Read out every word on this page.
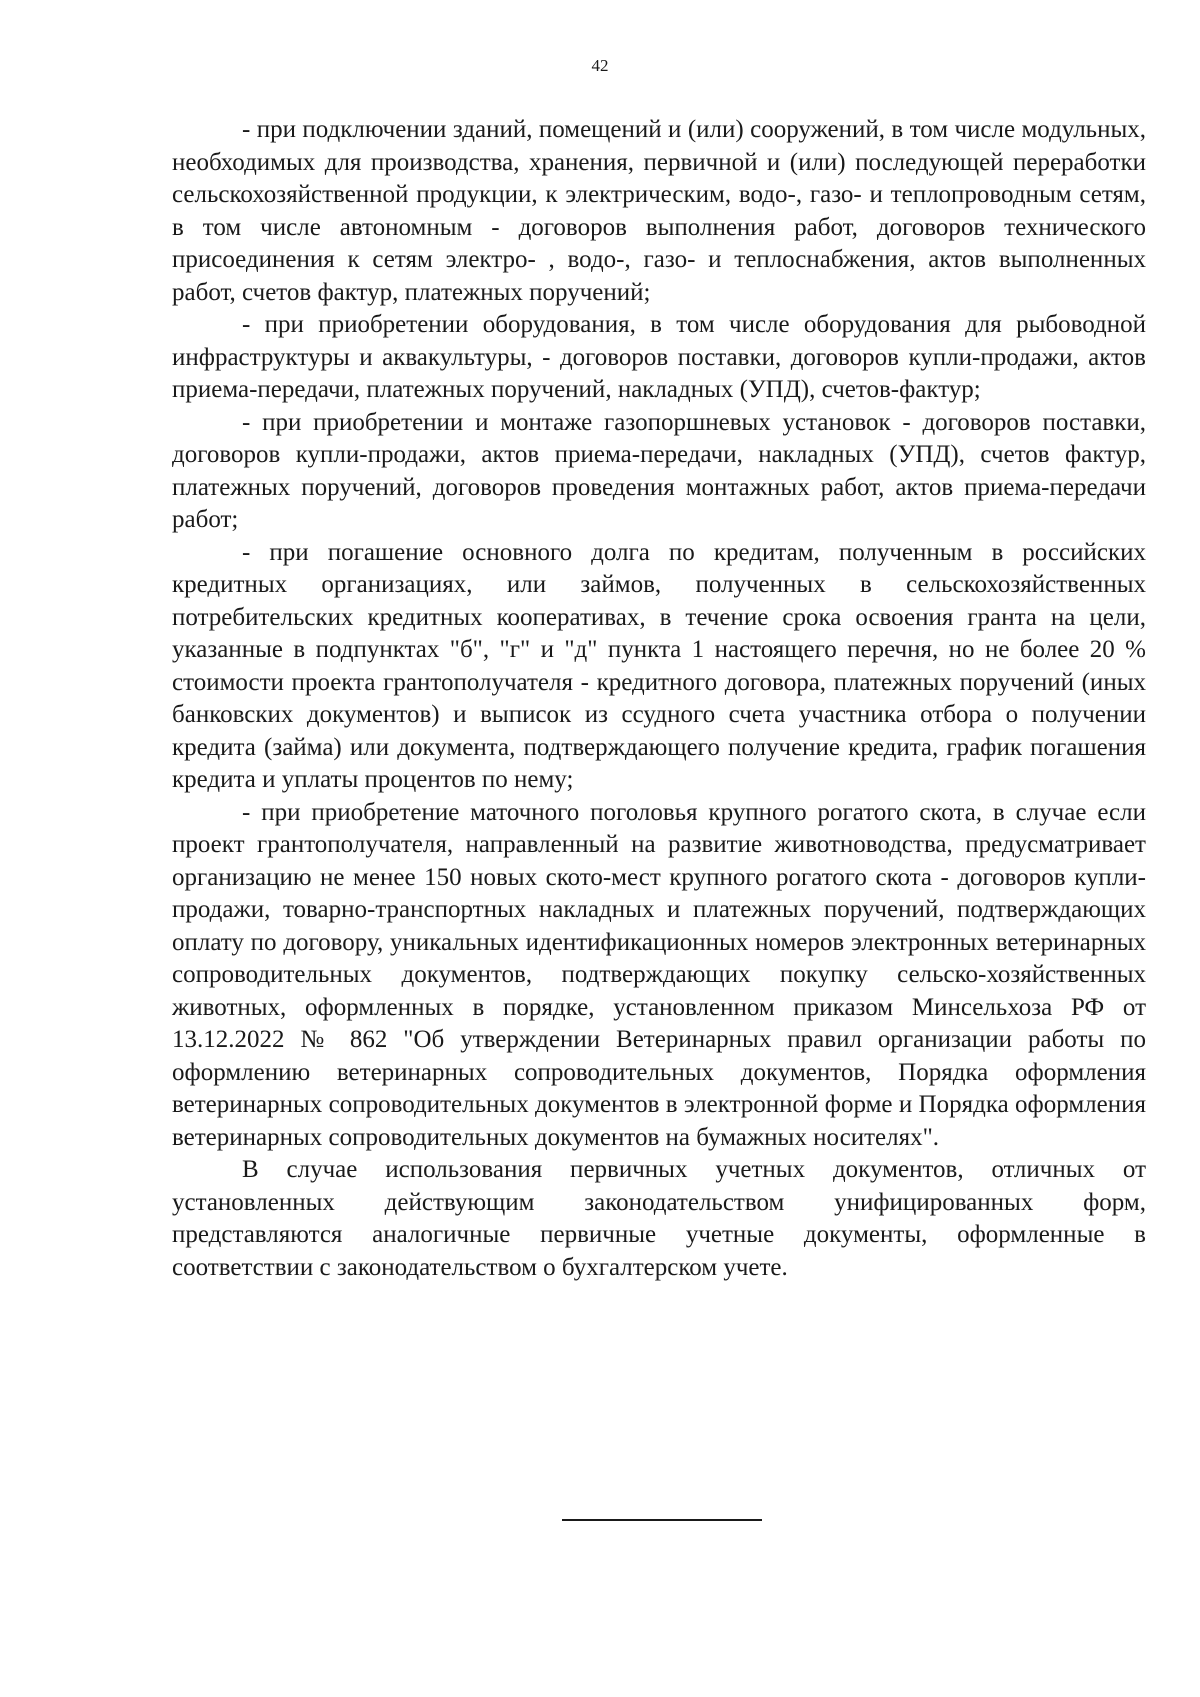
42

- при подключении зданий, помещений и (или) сооружений, в том числе модульных, необходимых для производства, хранения, первичной и (или) последующей переработки сельскохозяйственной продукции, к электрическим, водо-, газо- и теплопроводным сетям, в том числе автономным - договоров выполнения работ, договоров технического присоединения к сетям электро- , водо-, газо- и теплоснабжения, актов выполненных работ, счетов фактур, платежных поручений;

- при приобретении оборудования, в том числе оборудования для рыбоводной инфраструктуры и аквакультуры, - договоров поставки, договоров купли-продажи, актов приема-передачи, платежных поручений, накладных (УПД), счетов-фактур;

- при приобретении и монтаже газопоршневых установок - договоров поставки, договоров купли-продажи, актов приема-передачи, накладных (УПД), счетов фактур, платежных поручений, договоров проведения монтажных работ, актов приема-передачи работ;

- при погашение основного долга по кредитам, полученным в российских кредитных организациях, или займов, полученных в сельскохозяйственных потребительских кредитных кооперативах, в течение срока освоения гранта на цели, указанные в подпунктах "б", "г" и "д" пункта 1 настоящего перечня, но не более 20 % стоимости проекта грантополучателя - кредитного договора, платежных поручений (иных банковских документов) и выписок из ссудного счета участника отбора о получении кредита (займа) или документа, подтверждающего получение кредита, график погашения кредита и уплаты процентов по нему;

- при приобретение маточного поголовья крупного рогатого скота, в случае если проект грантополучателя, направленный на развитие животноводства, предусматривает организацию не менее 150 новых ското-мест крупного рогатого скота - договоров купли-продажи, товарно-транспортных накладных и платежных поручений, подтверждающих оплату по договору, уникальных идентификационных номеров электронных ветеринарных сопроводительных документов, подтверждающих покупку сельско-хозяйственных животных, оформленных в порядке, установленном приказом Минсельхоза РФ от 13.12.2022 № 862 "Об утверждении Ветеринарных правил организации работы по оформлению ветеринарных сопроводительных документов, Порядка оформления ветеринарных сопроводительных документов в электронной форме и Порядка оформления ветеринарных сопроводительных документов на бумажных носителях".

В случае использования первичных учетных документов, отличных от установленных действующим законодательством унифицированных форм, представляются аналогичные первичные учетные документы, оформленные в соответствии с законодательством о бухгалтерском учете.
